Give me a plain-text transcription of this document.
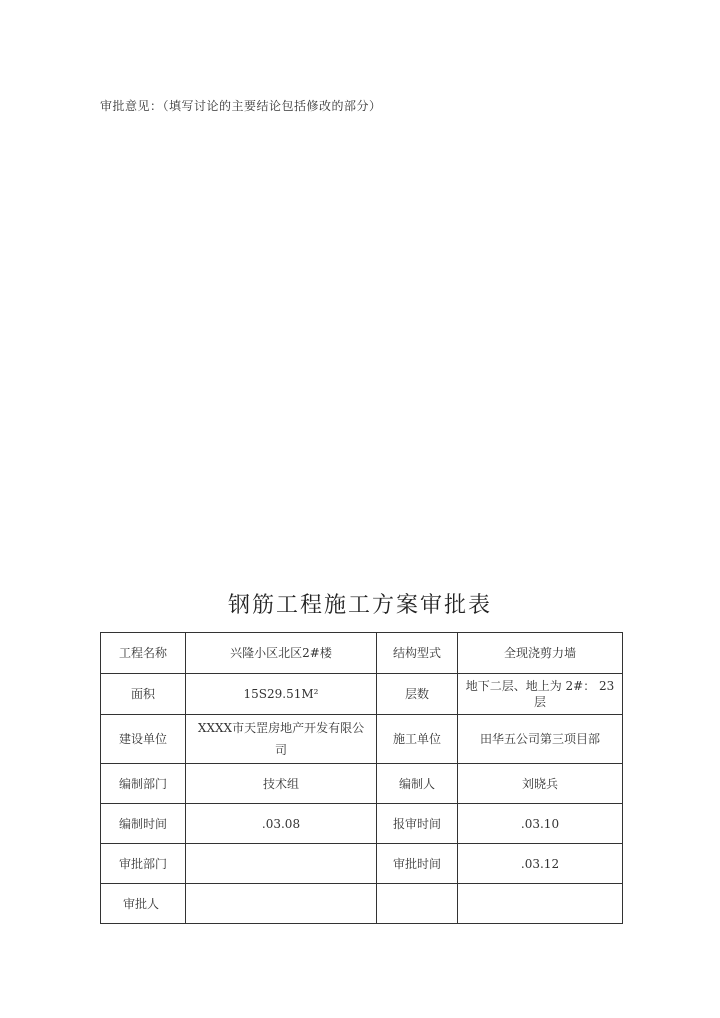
审批意见：（填写讨论的主要结论包括修改的部分）
钢筋工程施工方案审批表
工程名称	兴隆小区北区2#楼	结构型式	全现浇剪力墙
面积	15S29.51M²	层数	地下二层、地上为 2#： 23层
建设单位	XXXX市天罡房地产开发有限公司	施工单位	田华五公司第三项目部
编制部门	技术组	编制人	刘晓兵
编制时间	.03.08	报审时间	.03.10
审批部门		审批时间	.03.12
审批人			
